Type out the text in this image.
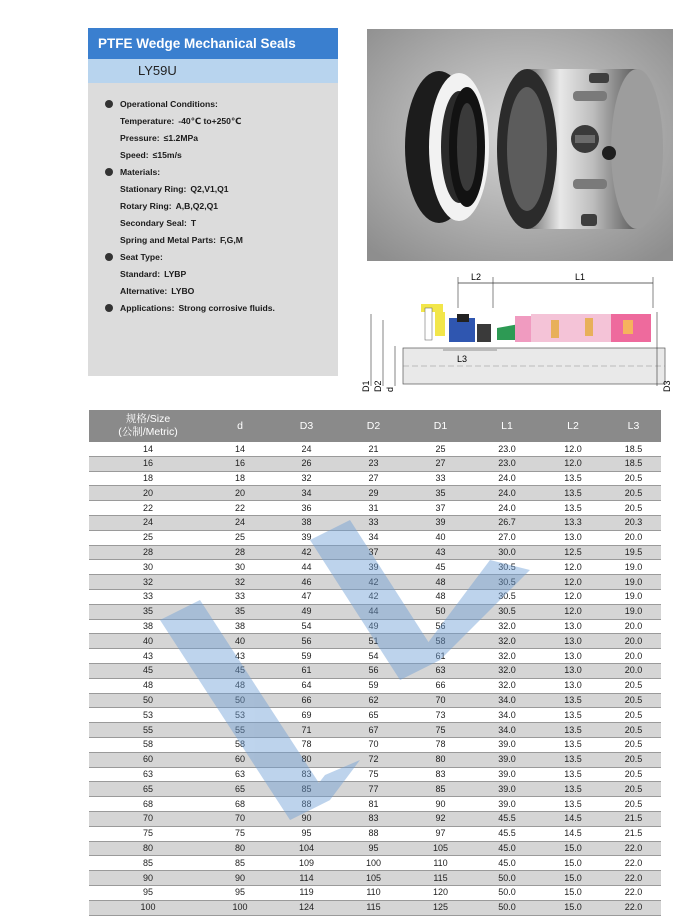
PTFE Wedge Mechanical Seals
LY59U
Operational Conditions:
Temperature: -40℃ to+250℃
Pressure: ≤1.2MPa
Speed: ≤15m/s
Materials:
Stationary Ring: Q2,V1,Q1
Rotary Ring: A,B,Q2,Q1
Secondary Seal: T
Spring and Metal Parts: F,G,M
Seat Type:
Standard: LYBP
Alternative: LYBO
Applications: Strong corrosive fluids.
L2	L1
L3
D1 D2 d	D3
规格/Size
(公制/Metric)	d	D3	D2	D1	L1	L2	L3
14	14	24	21	25	23.0	12.0	18.5
16	16	26	23	27	23.0	12.0	18.5
18	18	32	27	33	24.0	13.5	20.5
20	20	34	29	35	24.0	13.5	20.5
22	22	36	31	37	24.0	13.5	20.5
24	24	38	33	39	26.7	13.3	20.3
25	25	39	34	40	27.0	13.0	20.0
28	28	42	37	43	30.0	12.5	19.5
30	30	44	39	45	30.5	12.0	19.0
32	32	46	42	48	30.5	12.0	19.0
33	33	47	42	48	30.5	12.0	19.0
35	35	49	44	50	30.5	12.0	19.0
38	38	54	49	56	32.0	13.0	20.0
40	40	56	51	58	32.0	13.0	20.0
43	43	59	54	61	32.0	13.0	20.0
45	45	61	56	63	32.0	13.0	20.0
48	48	64	59	66	32.0	13.0	20.5
50	50	66	62	70	34.0	13.5	20.5
53	53	69	65	73	34.0	13.5	20.5
55	55	71	67	75	34.0	13.5	20.5
58	58	78	70	78	39.0	13.5	20.5
60	60	80	72	80	39.0	13.5	20.5
63	63	83	75	83	39.0	13.5	20.5
65	65	85	77	85	39.0	13.5	20.5
68	68	88	81	90	39.0	13.5	20.5
70	70	90	83	92	45.5	14.5	21.5
75	75	95	88	97	45.5	14.5	21.5
80	80	104	95	105	45.0	15.0	22.0
85	85	109	100	110	45.0	15.0	22.0
90	90	114	105	115	50.0	15.0	22.0
95	95	119	110	120	50.0	15.0	22.0
100	100	124	115	125	50.0	15.0	22.0
